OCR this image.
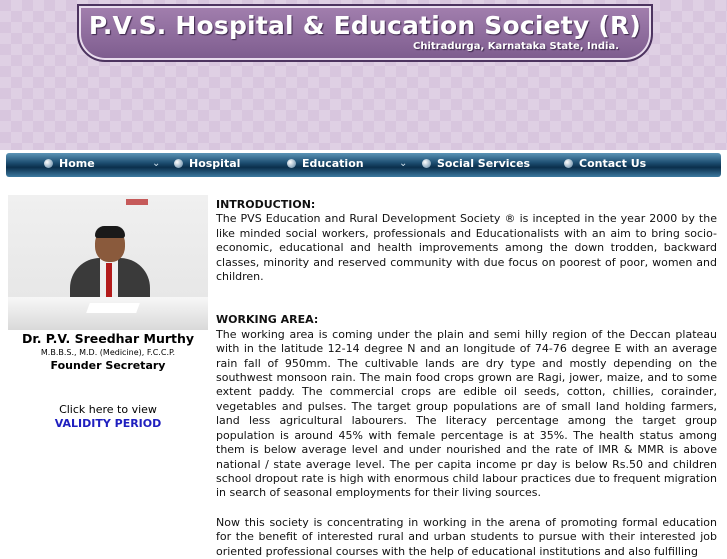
P.V.S. Hospital & Education Society (R)
Chitradurga, Karnataka State, India.
Home	⌄	Hospital	Education	⌄	Social Services	Contact Us
Dr. P.V. Sreedhar Murthy
M.B.B.S., M.D. (Medicine), F.C.C.P.
Founder Secretary
Click here to view
VALIDITY PERIOD

INTRODUCTION:

The PVS Education and Rural Development Society ® is incepted in the year 2000 by the like minded social workers, professionals and Educationalists with an aim to bring socio-economic, educational and health improvements among the down trodden, backward classes, minority and reserved community with due focus on poorest of poor, women and children.

WORKING AREA:

The working area is coming under the plain and semi hilly region of the Deccan plateau with in the latitude 12-14 degree N and an longitude of 74-76 degree E with an average rain fall of 950mm. The cultivable lands are dry type and mostly depending on the southwest monsoon rain. The main food crops grown are Ragi, jower, maize, and to some extent paddy. The commercial crops are edible oil seeds, cotton, chillies, corainder, vegetables and pulses. The target group populations are of small land holding farmers, land less agricultural labourers. The literacy percentage among the target group population is around 45% with female percentage is at 35%. The health status among them is below average level and under nourished and the rate of IMR & MMR is above national / state average level. The per capita income pr day is below Rs.50 and children school dropout rate is high with enormous child labour practices due to frequent migration in search of seasonal employments for their living sources.

Now this society is concentrating in working in the arena of promoting formal education for the benefit of interested rural and urban students to pursue with their interested job oriented professional courses with the help of educational institutions and also fulfilling
